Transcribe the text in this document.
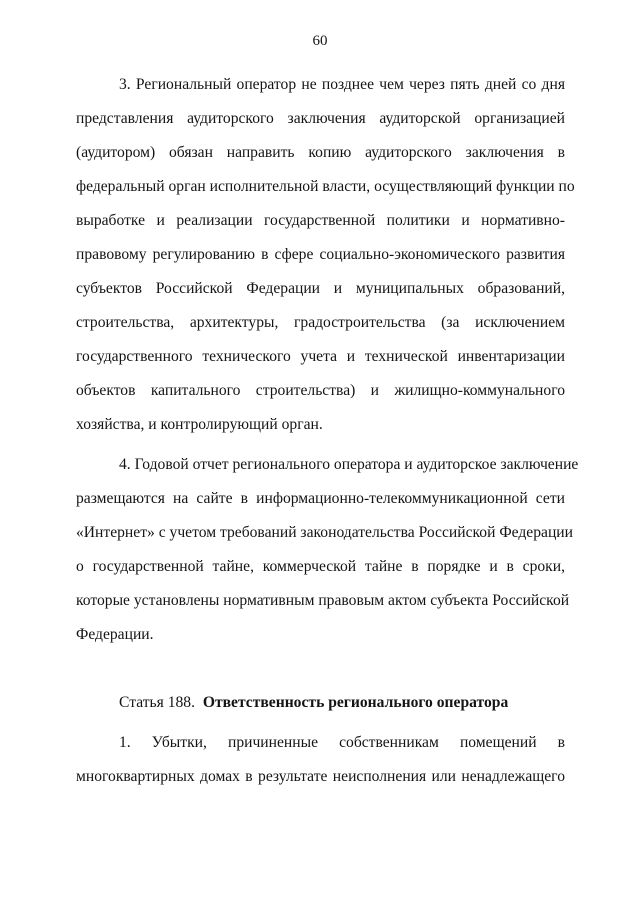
60
3. Региональный оператор не позднее чем через пять дней со дня
представления аудиторского заключения аудиторской организацией
(аудитором) обязан направить копию аудиторского заключения в
федеральный орган исполнительной власти, осуществляющий функции по
выработке и реализации государственной политики и нормативно-
правовому регулированию в сфере социально-экономического развития
субъектов Российской Федерации и муниципальных образований,
строительства, архитектуры, градостроительства (за исключением
государственного технического учета и технической инвентаризации
объектов капитального строительства) и жилищно-коммунального
хозяйства, и контролирующий орган.
4. Годовой отчет регионального оператора и аудиторское заключение
размещаются на сайте в информационно-телекоммуникационной сети
«Интернет» с учетом требований законодательства Российской Федерации
о государственной тайне, коммерческой тайне в порядке и в сроки,
которые установлены нормативным правовым актом субъекта Российской
Федерации.
Статья 188. Ответственность регионального оператора
1. Убытки, причиненные собственникам помещений в
многоквартирных домах в результате неисполнения или ненадлежащего
